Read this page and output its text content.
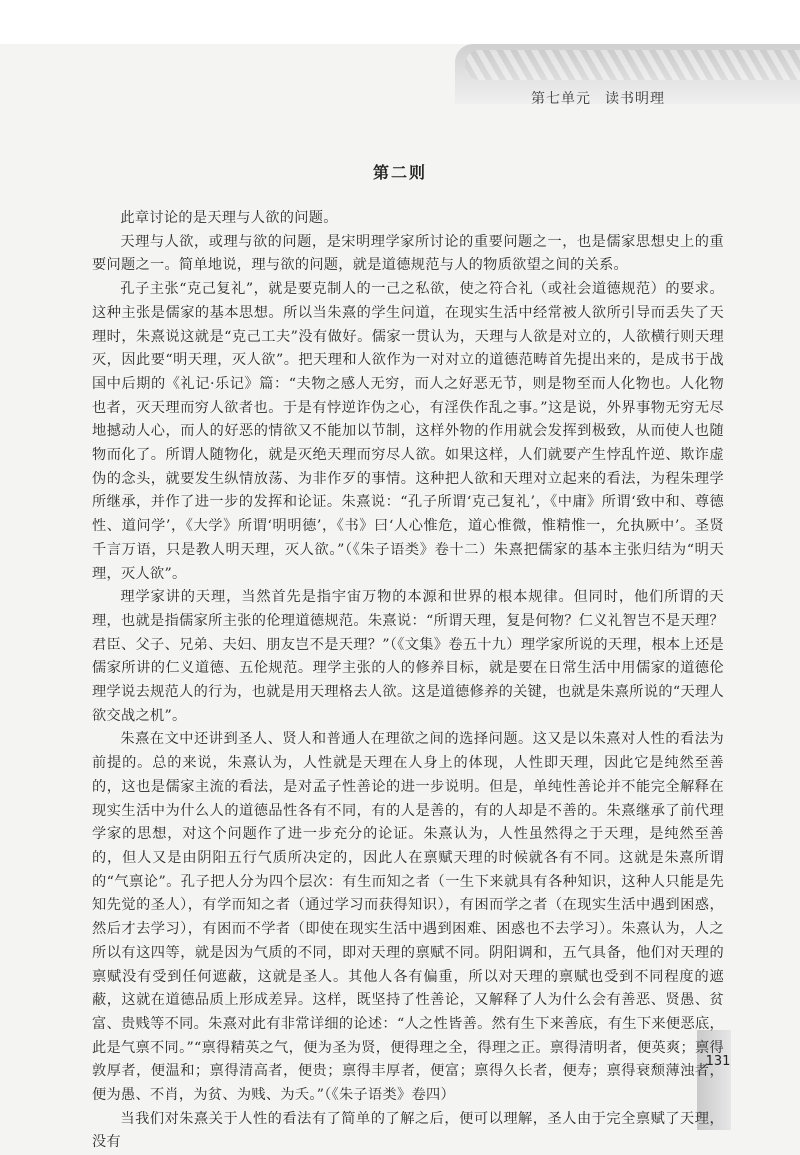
第七单元 读书明理
第二则

此章讨论的是天理与人欲的问题。

天理与人欲，或理与欲的问题，是宋明理学家所讨论的重要问题之一，也是儒家思想史上的重要问题之一。简单地说，理与欲的问题，就是道德规范与人的物质欲望之间的关系。

孔子主张“克己复礼”，就是要克制人的一己之私欲，使之符合礼（或社会道德规范）的要求。这种主张是儒家的基本思想。所以当朱熹的学生问道，在现实生活中经常被人欲所引导而丢失了天理时，朱熹说这就是“克己工夫”没有做好。儒家一贯认为，天理与人欲是对立的，人欲横行则天理灭，因此要“明天理，灭人欲”。把天理和人欲作为一对对立的道德范畴首先提出来的，是成书于战国中后期的《礼记·乐记》篇：“夫物之感人无穷，而人之好恶无节，则是物至而人化物也。人化物也者，灭天理而穷人欲者也。于是有悖逆诈伪之心，有淫佚作乱之事。”这是说，外界事物无穷无尽地撼动人心，而人的好恶的情欲又不能加以节制，这样外物的作用就会发挥到极致，从而使人也随物而化了。所谓人随物化，就是灭绝天理而穷尽人欲。如果这样，人们就要产生悖乱忤逆、欺诈虚伪的念头，就要发生纵情放荡、为非作歹的事情。这种把人欲和天理对立起来的看法，为程朱理学所继承，并作了进一步的发挥和论证。朱熹说：“孔子所谓‘克己复礼’，《中庸》所谓‘致中和、尊德性、道问学’，《大学》所谓‘明明德’，《书》曰‘人心惟危，道心惟微，惟精惟一，允执厥中’。圣贤千言万语，只是教人明天理，灭人欲。”（《朱子语类》卷十二）朱熹把儒家的基本主张归结为“明天理，灭人欲”。

理学家讲的天理，当然首先是指宇宙万物的本源和世界的根本规律。但同时，他们所谓的天理，也就是指儒家所主张的伦理道德规范。朱熹说：“所谓天理，复是何物？仁义礼智岂不是天理？君臣、父子、兄弟、夫妇、朋友岂不是天理？”（《文集》卷五十九）理学家所说的天理，根本上还是儒家所讲的仁义道德、五伦规范。理学主张的人的修养目标，就是要在日常生活中用儒家的道德伦理学说去规范人的行为，也就是用天理格去人欲。这是道德修养的关键，也就是朱熹所说的“天理人欲交战之机”。

朱熹在文中还讲到圣人、贤人和普通人在理欲之间的选择问题。这又是以朱熹对人性的看法为前提的。总的来说，朱熹认为，人性就是天理在人身上的体现，人性即天理，因此它是纯然至善的，这也是儒家主流的看法，是对孟子性善论的进一步说明。但是，单纯性善论并不能完全解释在现实生活中为什么人的道德品性各有不同，有的人是善的，有的人却是不善的。朱熹继承了前代理学家的思想，对这个问题作了进一步充分的论证。朱熹认为，人性虽然得之于天理，是纯然至善的，但人又是由阴阳五行气质所决定的，因此人在禀赋天理的时候就各有不同。这就是朱熹所谓的“气禀论”。孔子把人分为四个层次：有生而知之者（一生下来就具有各种知识，这种人只能是先知先觉的圣人），有学而知之者（通过学习而获得知识），有困而学之者（在现实生活中遇到困惑，然后才去学习），有困而不学者（即使在现实生活中遇到困难、困惑也不去学习）。朱熹认为，人之所以有这四等，就是因为气质的不同，即对天理的禀赋不同。阴阳调和，五气具备，他们对天理的禀赋没有受到任何遮蔽，这就是圣人。其他人各有偏重，所以对天理的禀赋也受到不同程度的遮蔽，这就在道德品质上形成差异。这样，既坚持了性善论，又解释了人为什么会有善恶、贤愚、贫富、贵贱等不同。朱熹对此有非常详细的论述：“人之性皆善。然有生下来善底，有生下来便恶底，此是气禀不同。”“禀得精英之气，便为圣为贤，便得理之全，得理之正。禀得清明者，便英爽；禀得敦厚者，便温和；禀得清高者，便贵；禀得丰厚者，便富；禀得久长者，便寿；禀得衰颓薄浊者，便为愚、不肖，为贫、为贱、为夭。”（《朱子语类》卷四）

当我们对朱熹关于人性的看法有了简单的了解之后，便可以理解，圣人由于完全禀赋了天理，没有

131
